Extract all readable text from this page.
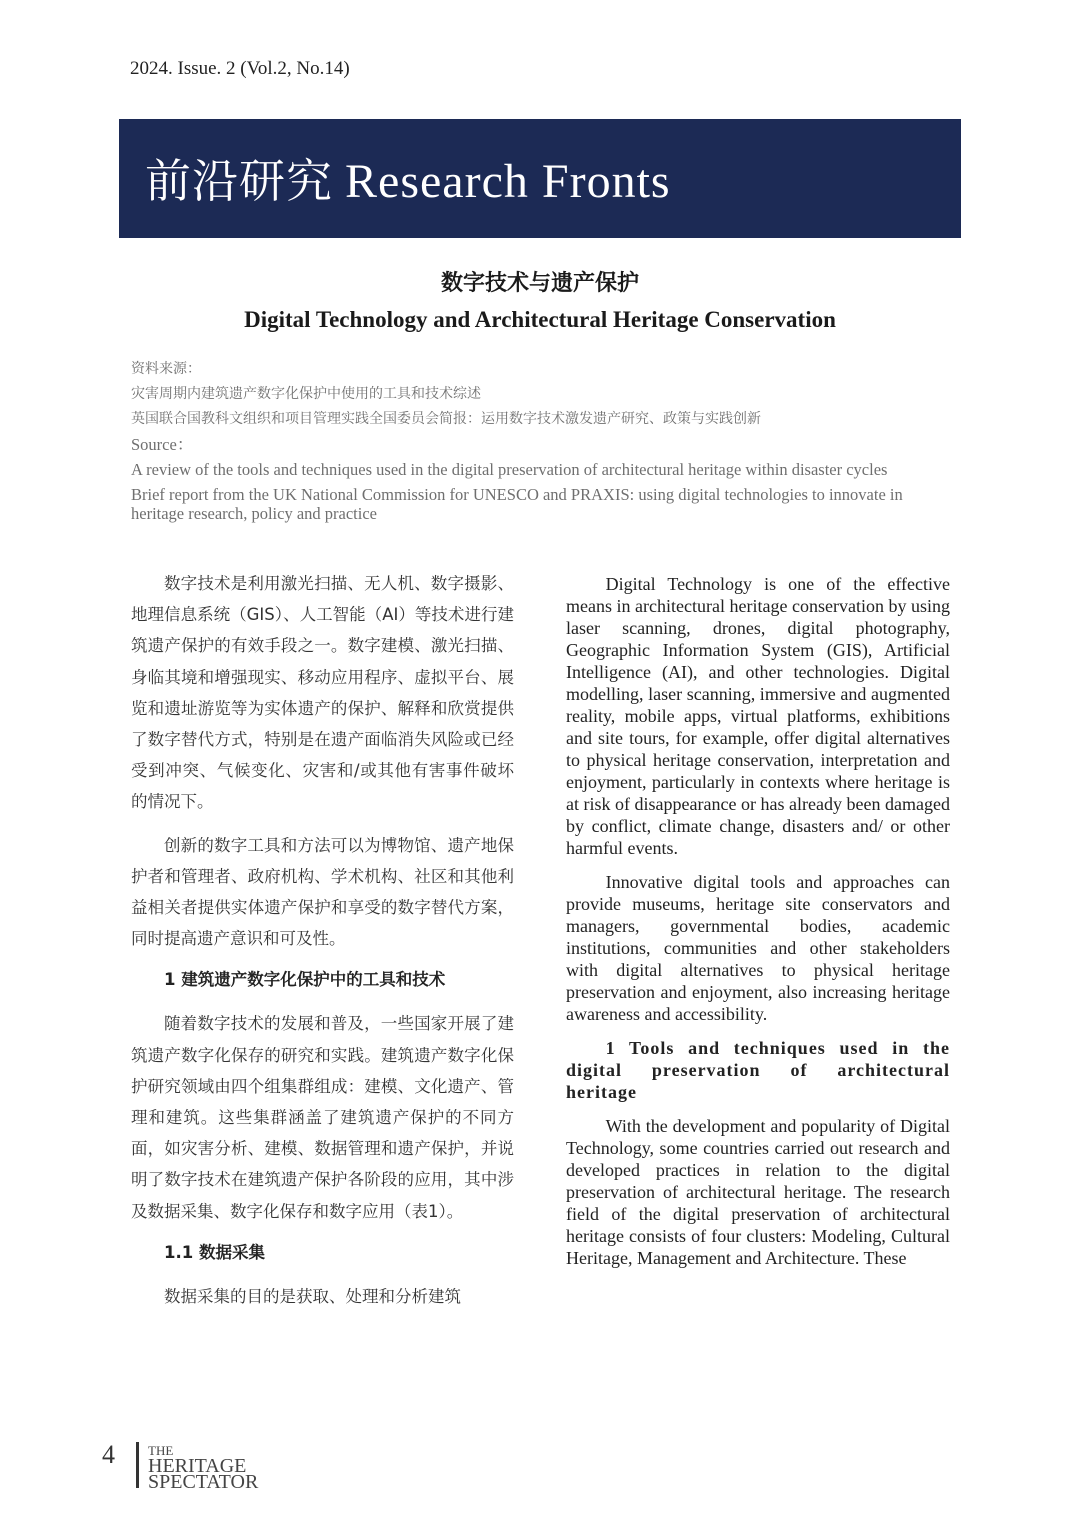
2024. Issue. 2 (Vol.2, No.14)
前沿研究 Research Fronts
数字技术与遗产保护
Digital Technology and Architectural Heritage Conservation
资料来源：
灾害周期内建筑遗产数字化保护中使用的工具和技术综述
英国联合国教科文组织和项目管理实践全国委员会简报：运用数字技术激发遗产研究、政策与实践创新
Source：
A review of the tools and techniques used in the digital preservation of architectural heritage within disaster cycles
Brief report from the UK National Commission for UNESCO and PRAXIS: using digital technologies to innovate in heritage research, policy and practice

数字技术是利用激光扫描、无人机、数字摄影、地理信息系统（GIS）、人工智能（AI）等技术进行建筑遗产保护的有效手段之一。数字建模、激光扫描、身临其境和增强现实、移动应用程序、虚拟平台、展览和遗址游览等为实体遗产的保护、解释和欣赏提供了数字替代方式，特别是在遗产面临消失风险或已经受到冲突、气候变化、灾害和/或其他有害事件破坏的情况下。

创新的数字工具和方法可以为博物馆、遗产地保护者和管理者、政府机构、学术机构、社区和其他利益相关者提供实体遗产保护和享受的数字替代方案，同时提高遗产意识和可及性。

1 建筑遗产数字化保护中的工具和技术

随着数字技术的发展和普及，一些国家开展了建筑遗产数字化保存的研究和实践。建筑遗产数字化保护研究领域由四个组集群组成：建模、文化遗产、管理和建筑。这些集群涵盖了建筑遗产保护的不同方面，如灾害分析、建模、数据管理和遗产保护，并说明了数字技术在建筑遗产保护各阶段的应用，其中涉及数据采集、数字化保存和数字应用（表1）。

1.1 数据采集

数据采集的目的是获取、处理和分析建筑

Digital Technology is one of the effective means in architectural heritage conservation by using laser scanning, drones, digital photography, Geographic Information System (GIS), Artificial Intelligence (AI), and other technologies. Digital modelling, laser scanning, immersive and augmented reality, mobile apps, virtual platforms, exhibitions and site tours, for example, offer digital alternatives to physical heritage conservation, interpretation and enjoyment, particularly in contexts where heritage is at risk of disappearance or has already been damaged by conflict, climate change, disasters and/ or other harmful events.

Innovative digital tools and approaches can provide museums, heritage site conservators and managers, governmental bodies, academic institutions, communities and other stakeholders with digital alternatives to physical heritage preservation and enjoyment, also increasing heritage awareness and accessibility.

1 Tools and techniques used in the digital preservation of architectural heritage

With the development and popularity of Digital Technology, some countries carried out research and developed practices in relation to the digital preservation of architectural heritage. The research field of the digital preservation of architectural heritage consists of four clusters: Modeling, Cultural Heritage, Management and Architecture. These

4	THE
HERITAGE
SPECTATOR
